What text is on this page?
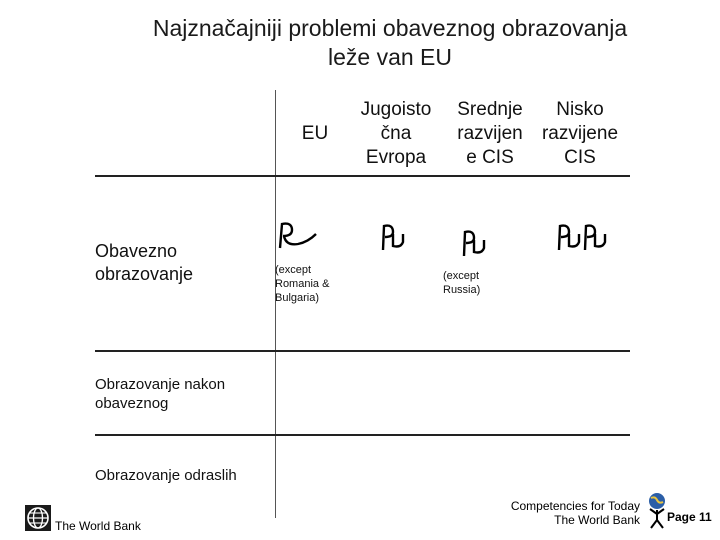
Najznačajniji problemi obaveznog obrazovanja
leže van EU
EU
Jugoisto
čna
Evropa
Srednje
razvijen
e CIS
Nisko
razvijene
CIS
Obavezno
obrazovanje
Obrazovanje nakon
obaveznog
Obrazovanje odraslih
(except
Romania &
Bulgaria)
(except
Russia)
The World Bank
Competencies for Today
The World Bank Page 11
